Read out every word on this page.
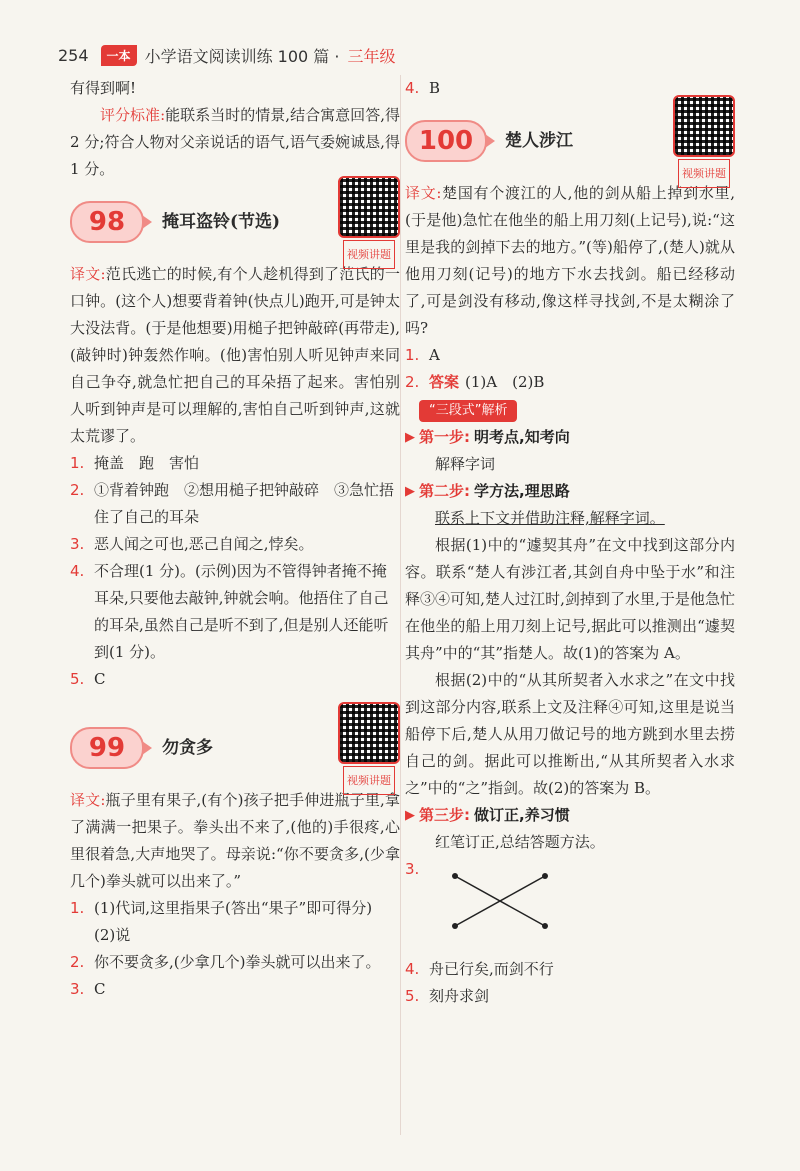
254	一本 小学语文阅读训练 100 篇 · 三年级

有得到啊!

评分标准:能联系当时的情景,结合寓意回答,得 2 分;符合人物对父亲说话的语气,语气委婉诚恳,得 1 分。

98	掩耳盗铃(节选)
视频讲题

译文:范氏逃亡的时候,有个人趁机得到了范氏的一口钟。(这个人)想要背着钟(快点儿)跑开,可是钟太大没法背。(于是他想要)用槌子把钟敲碎(再带走),(敲钟时)钟轰然作响。(他)害怕别人听见钟声来同自己争夺,就急忙把自己的耳朵捂了起来。害怕别人听到钟声是可以理解的,害怕自己听到钟声,这就太荒谬了。

1. 掩盖　跑　害怕
2. ①背着钟跑　②想用槌子把钟敲碎　③急忙捂住了自己的耳朵
3. 恶人闻之可也,恶己自闻之,悖矣。
4. 不合理(1 分)。(示例)因为不管得钟者掩不掩耳朵,只要他去敲钟,钟就会响。他捂住了自己的耳朵,虽然自己是听不到了,但是别人还能听到(1 分)。
5. C
99	勿贪多
视频讲题

译文:瓶子里有果子,(有个)孩子把手伸进瓶子里,拿了满满一把果子。拳头出不来了,(他的)手很疼,心里很着急,大声地哭了。母亲说:“你不要贪多,(少拿几个)拳头就可以出来了。”

1. (1)代词,这里指果子(答出“果子”即可得分)　(2)说
2. 你不要贪多,(少拿几个)拳头就可以出来了。
3. C
4. B
100	楚人涉江
视频讲题

译文:楚国有个渡江的人,他的剑从船上掉到水里,(于是他)急忙在他坐的船上用刀刻(上记号),说:“这里是我的剑掉下去的地方。”(等)船停了,(楚人)就从他用刀刻(记号)的地方下水去找剑。船已经移动了,可是剑没有移动,像这样寻找剑,不是太糊涂了吗?

1. A
2. 答案 (1)A　(2)B
“三段式”解析
▶ 第一步: 明考点,知考向

解释字词

▶ 第二步: 学方法,理思路

联系上下文并借助注释,解释字词。

根据(1)中的“遽契其舟”在文中找到这部分内容。联系“楚人有涉江者,其剑自舟中坠于水”和注释③④可知,楚人过江时,剑掉到了水里,于是他急忙在他坐的船上用刀刻上记号,据此可以推测出“遽契其舟”中的“其”指楚人。故(1)的答案为 A。

根据(2)中的“从其所契者入水求之”在文中找到这部分内容,联系上文及注释④可知,这里是说当船停下后,楚人从用刀做记号的地方跳到水里去捞自己的剑。据此可以推断出,“从其所契者入水求之”中的“之”指剑。故(2)的答案为 B。

▶ 第三步: 做订正,养习惯

红笔订正,总结答题方法。

3.
4. 舟已行矣,而剑不行
5. 刻舟求剑
